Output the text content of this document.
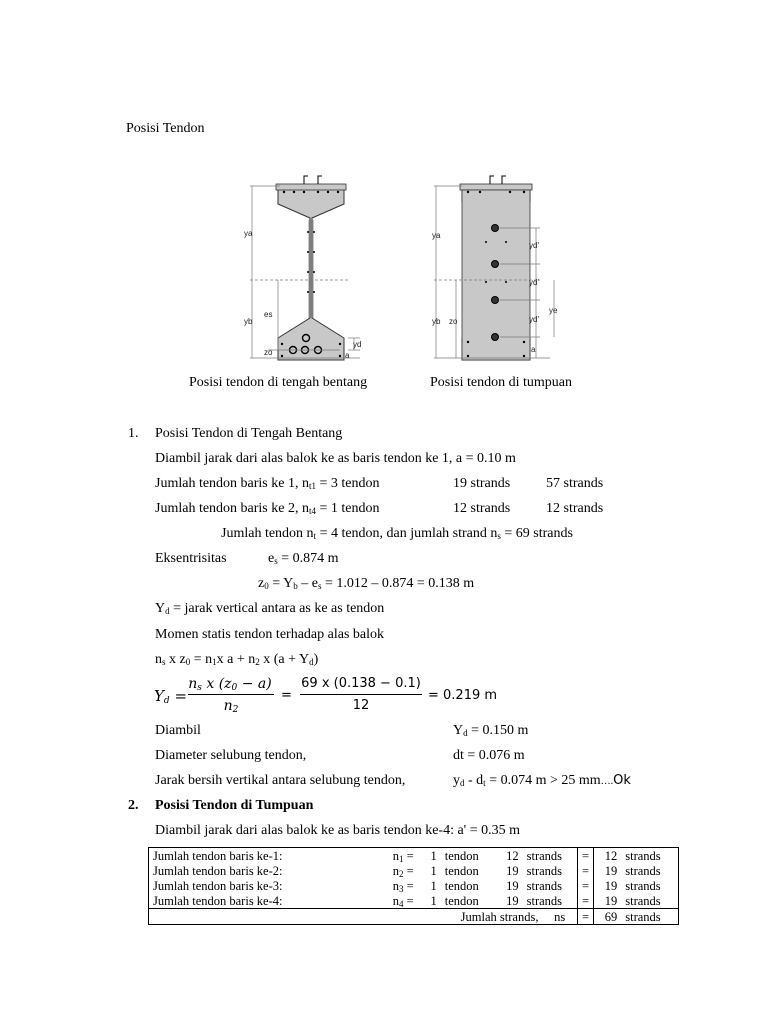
Posisi Tendon
ya
yb
es
zo
yd
a
ya
yb zo
yd'
yd'
yd'
ye
a
Posisi tendon di tengah bentang	Posisi tendon di tumpuan
1. Posisi Tendon di Tengah Bentang
Diambil jarak dari alas balok ke as baris tendon ke 1, a = 0.10 m
Jumlah tendon baris ke 1, $n_{t1} = 3$ tendon	19 strands	57 strands
Jumlah tendon baris ke 2, $n_{t4} = 1$ tendon	12 strands	12 strands
Jumlah tendon $n_t = 4$ tendon, dan jumlah strand $n_s = 69$ strands
Eksentrisitas	$e_s = 0.874$ m
$z_0 = Y_b - e_s = 1.012 - 0.874 = 0.138$ m
$Y_d$ = jarak vertical antara as ke as tendon
Momen statis tendon terhadap alas balok
$n_s$ x $z_0 = n_1x$ $a + n_2$ x $(a + Y_d)$
$Y_d$ =
$n_s$ x $(z_0 - a)$
$n_2$
=
69 x (0.138 − 0.1)
12
= 0.219 m
Diambil	$Y_d = 0.150$ m
Diameter selubung tendon,	dt = 0.076 m
Jarak bersih vertikal antara selubung tendon,	$y_d - d_t = 0.074$ m > 25 mm….Ok
2. Posisi Tendon di Tumpuan
Diambil jarak dari alas balok ke as baris tendon ke-4: a' = 0.35 m
Jumlah tendon baris ke-1:	$n_1$ =	1	tendon	12	strands	=	12	strands
Jumlah tendon baris ke-2:	$n_2$ =	1	tendon	19	strands	=	19	strands
Jumlah tendon baris ke-3:	$n_3$ =	1	tendon	19	strands	=	19	strands
Jumlah tendon baris ke-4:	$n_4$ =	1	tendon	19	strands	=	19	strands
Jumlah strands, ns						=	69	strands
